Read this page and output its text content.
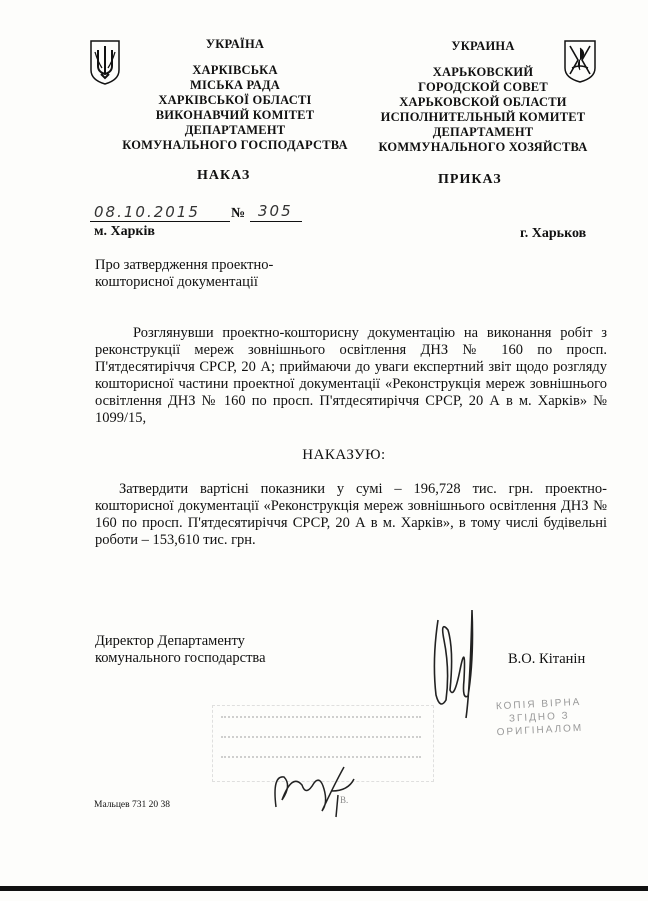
УКРАЇНА
ХАРКІВСЬКА
МІСЬКА РАДА
ХАРКІВСЬКОЇ ОБЛАСТІ
ВИКОНАВЧИЙ КОМІТЕТ
ДЕПАРТАМЕНТ
КОМУНАЛЬНОГО ГОСПОДАРСТВА
УКРАИНА
ХАРЬКОВСКИЙ
ГОРОДСКОЙ СОВЕТ
ХАРЬКОВСКОЙ ОБЛАСТИ
ИСПОЛНИТЕЛЬНЫЙ КОМИТЕТ
ДЕПАРТАМЕНТ
КОММУНАЛЬНОГО ХОЗЯЙСТВА
НАКАЗ	ПРИКАЗ
08.10.2015 № 305
м. Харків	г. Харьков
Про затвердження проектно-
кошторисної документації
Розглянувши проектно-кошторисну документацію на виконання робіт з реконструкції мереж зовнішнього освітлення ДНЗ № 160 по просп. П'ятдесятиріччя СРСР, 20 А; приймаючи до уваги експертний звіт щодо розгляду кошторисної частини проектної документації «Реконструкція мереж зовнішнього освітлення ДНЗ № 160 по просп. П'ятдесятиріччя СРСР, 20 А в м. Харків» № 1099/15,
НАКАЗУЮ:
Затвердити вартісні показники у сумі – 196,728 тис. грн. проектно-кошторисної документації «Реконструкція мереж зовнішнього освітлення ДНЗ № 160 по просп. П'ятдесятиріччя СРСР, 20 А в м. Харків», в тому числі будівельні роботи – 153,610 тис. грн.
Директор Департаменту
комунального господарства	В.О. Кітанін
В.
КОПІЯ ВІРНА
ЗГІДНО З
ОРИГІНАЛОМ
Мальцев 731 20 38
